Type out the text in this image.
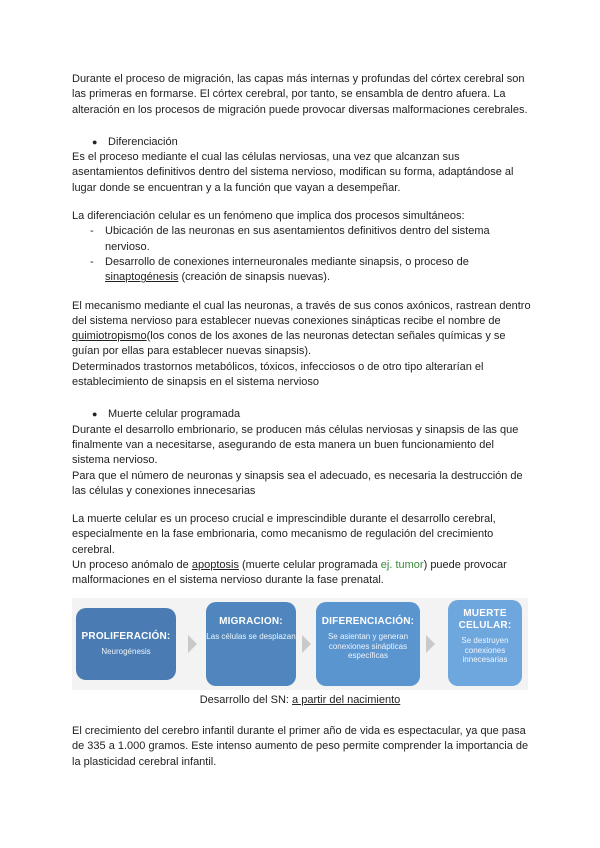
Durante el proceso de migración, las capas más internas y profundas del córtex cerebral son las primeras en formarse. El córtex cerebral, por tanto, se ensambla de dentro afuera. La alteración en los procesos de migración puede provocar diversas malformaciones cerebrales.

● Diferenciación

Es el proceso mediante el cual las células nerviosas, una vez que alcanzan sus asentamientos definitivos dentro del sistema nervioso, modifican su forma, adaptándose al lugar donde se encuentran y a la función que vayan a desempeñar.

La diferenciación celular es un fenómeno que implica dos procesos simultáneos:

-	Ubicación de las neuronas en sus asentamientos definitivos dentro del sistema nervioso.
-	Desarrollo de conexiones interneuronales mediante sinapsis, o proceso de sinaptogénesis (creación de sinapsis nuevas).

El mecanismo mediante el cual las neuronas, a través de sus conos axónicos, rastrean dentro del sistema nervioso para establecer nuevas conexiones sinápticas recibe el nombre de quimiotropismo(los conos de los axones de las neuronas detectan señales químicas y se guían por ellas para establecer nuevas sinapsis).

Determinados trastornos metabólicos, tóxicos, infecciosos o de otro tipo alterarían el establecimiento de sinapsis en el sistema nervioso

● Muerte celular programada

Durante el desarrollo embrionario, se producen más células nerviosas y sinapsis de las que finalmente van a necesitarse, asegurando de esta manera un buen funcionamiento del sistema nervioso.

Para que el número de neuronas y sinapsis sea el adecuado, es necesaria la destrucción de las células y conexiones innecesarias

La muerte celular es un proceso crucial e imprescindible durante el desarrollo cerebral, especialmente en la fase embrionaria, como mecanismo de regulación del crecimiento cerebral.

Un proceso anómalo de apoptosis (muerte celular programada ej. tumor) puede provocar malformaciones en el sistema nervioso durante la fase prenatal.

PROLIFERACIÓN:
Neurogénesis
MIGRACION:
Las células se desplazan
DIFERENCIACIÓN:
Se asientan y generan conexiones sinápticas específicas
MUERTE CELULAR:
Se destruyen conexiones innecesarias
Desarrollo del SN: a partir del nacimiento

El crecimiento del cerebro infantil durante el primer año de vida es espectacular, ya que pasa de 335 a 1.000 gramos. Este intenso aumento de peso permite comprender la importancia de la plasticidad cerebral infantil.
